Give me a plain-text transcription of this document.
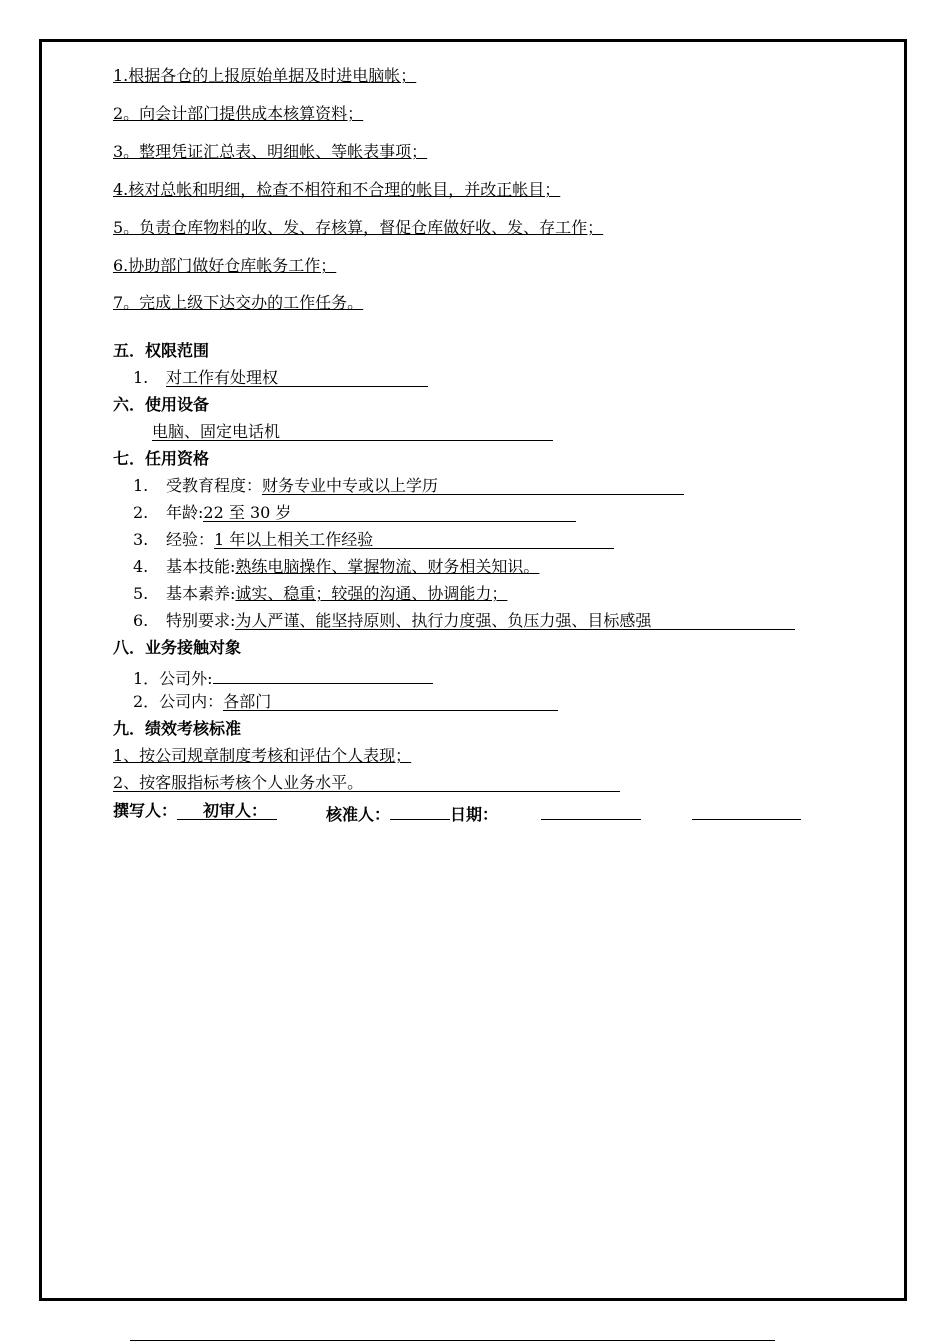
1.根据各仓的上报原始单据及时进电脑帐；
2。向会计部门提供成本核算资料；
3。整理凭证汇总表、明细帐、等帐表事项；
4.核对总帐和明细，检查不相符和不合理的帐目，并改正帐目；
5。负责仓库物料的收、发、存核算，督促仓库做好收、发、存工作；
6.协助部门做好仓库帐务工作；
7。完成上级下达交办的工作任务。
五．权限范围
1. 对工作有处理权
六．使用设备
电脑、固定电话机
七．任用资格
1. 受教育程度：财务专业中专或以上学历
2. 年龄:22 至 30 岁
3. 经验：1 年以上相关工作经验
4. 基本技能:熟练电脑操作、掌握物流、财务相关知识。
5. 基本素养:诚实、稳重；较强的沟通、协调能力；
6. 特别要求:为人严谨、能坚持原则、执行力度强、负压力强、目标感强
八．业务接触对象
1．公司外:
2．公司内：各部门
九．绩效考核标准
1、按公司规章制度考核和评估个人表现；
2、按客服指标考核个人业务水平。
撰写人： 初审人：	核准人：	日期：
